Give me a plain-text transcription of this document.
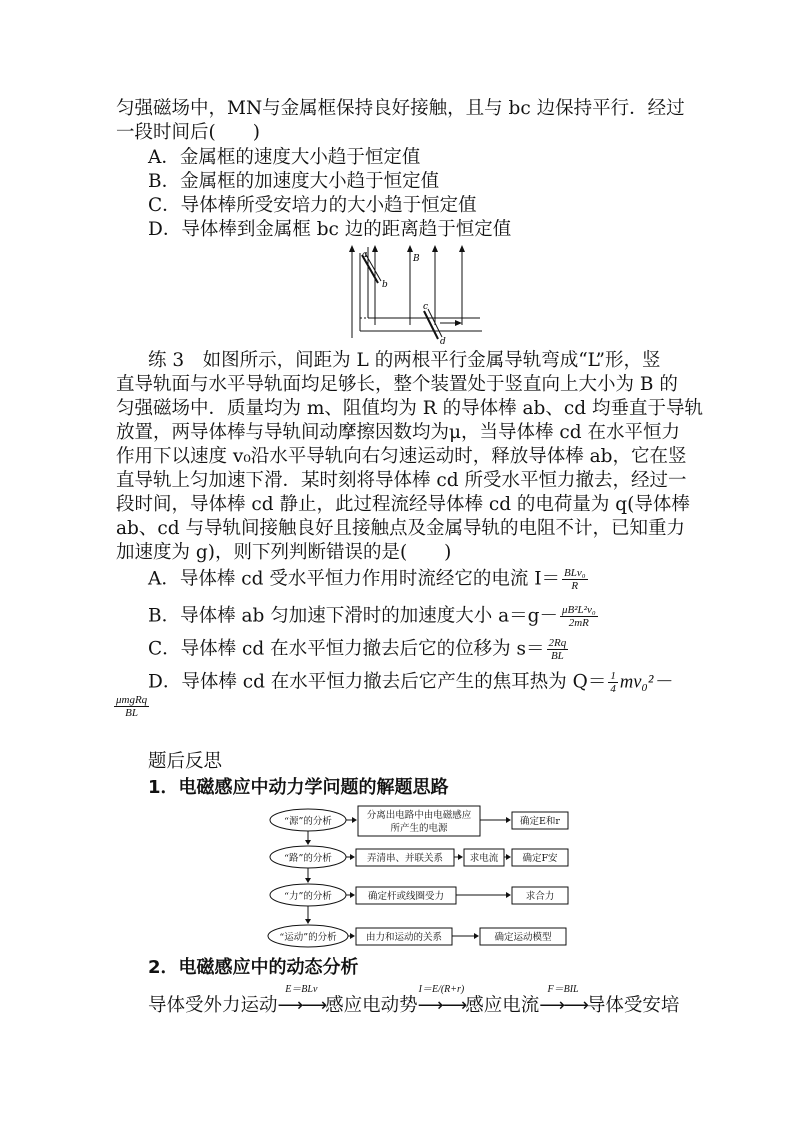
匀强磁场中，MN与金属框保持良好接触，且与 bc 边保持平行．经过
一段时间后(　　)
A．金属框的速度大小趋于恒定值
B．金属框的加速度大小趋于恒定值
C．导体棒所受安培力的大小趋于恒定值
D．导体棒到金属框 bc 边的距离趋于恒定值
a
b
B
c
d
练 3　如图所示，间距为 L 的两根平行金属导轨弯成“L”形，竖
直导轨面与水平导轨面均足够长，整个装置处于竖直向上大小为 B 的
匀强磁场中．质量均为 m、阻值均为 R 的导体棒 ab、cd 均垂直于导轨
放置，两导体棒与导轨间动摩擦因数均为μ，当导体棒 cd 在水平恒力
作用下以速度 v₀沿水平导轨向右匀速运动时，释放导体棒 ab，它在竖
直导轨上匀加速下滑．某时刻将导体棒 cd 所受水平恒力撤去，经过一
段时间，导体棒 cd 静止，此过程流经导体棒 cd 的电荷量为 q(导体棒
ab、cd 与导轨间接触良好且接触点及金属导轨的电阻不计，已知重力
加速度为 g)，则下列判断错误的是(　　)
A．导体棒 cd 受水平恒力作用时流经它的电流 $I= \frac{\text{BLv₀}}{R}$
B．导体棒 ab 匀加速下滑时的加速度大小 $a=g- \frac{\text{μB²L²v₀}}{2mR}$
C．导体棒 cd 在水平恒力撤去后它的位移为 $s= \frac{2Rq}{BL}$
D．导体棒 cd 在水平恒力撤去后它产生的焦耳热为 $Q= \frac{1}{4} mv_0^2-$
$\frac{\text{μmgRq}}{BL}$
题后反思
1．电磁感应中动力学问题的解题思路
“源”的分析
分离出电路中由电磁感应
所产生的电源
确定E和r
“路”的分析	弄清串、并联关系	求电流	确定F安
“力”的分析	确定杆或线圈受力	求合力
“运动”的分析	由力和运动的关系	确定运动模型
2．电磁感应中的动态分析
导体受外力运动
E＝BLv
⟶⟶感应电动势
I＝E/(R+r)
⟶⟶感应电流
F＝BIL
⟶⟶导体受安培
